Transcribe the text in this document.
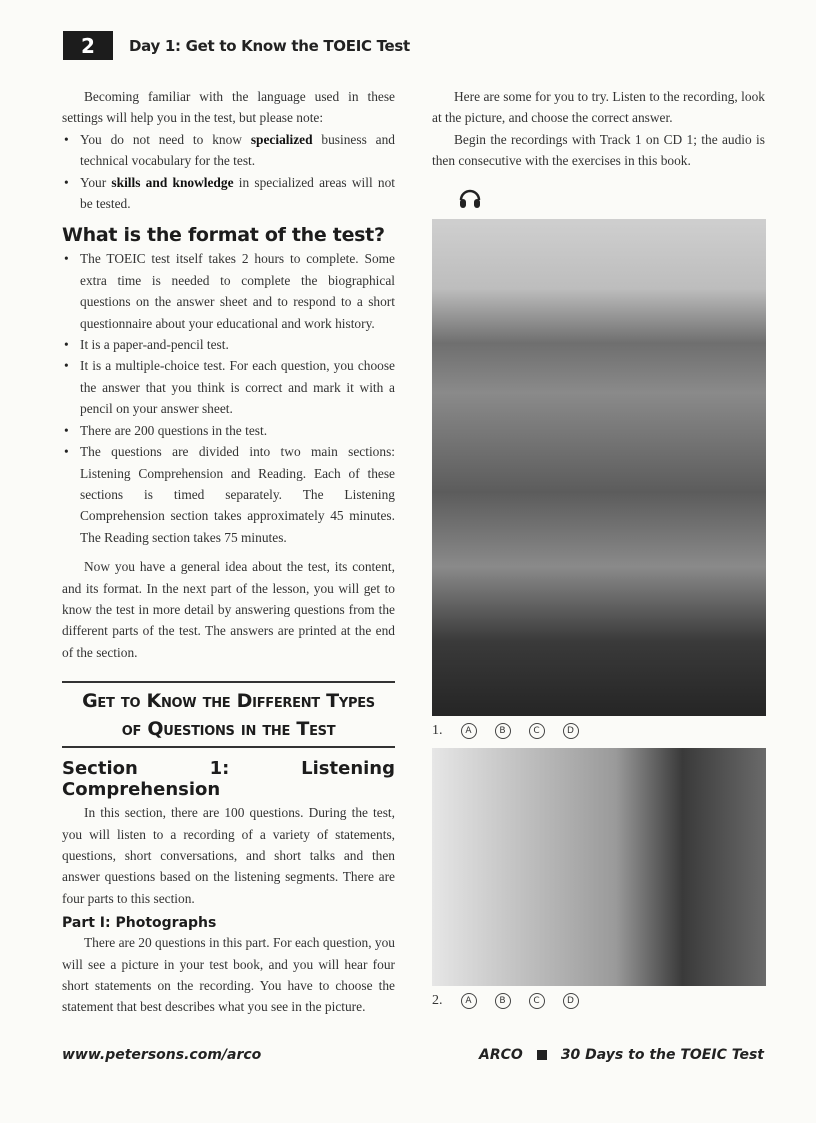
2	Day 1: Get to Know the TOEIC Test

Becoming familiar with the language used in these settings will help you in the test, but please note:

• You do not need to know specialized business and technical vocabulary for the test.
• Your skills and knowledge in specialized areas will not be tested.
What is the format of the test?
• The TOEIC test itself takes 2 hours to complete. Some extra time is needed to complete the biographical questions on the answer sheet and to respond to a short questionnaire about your educational and work history.
• It is a paper-and-pencil test.
• It is a multiple-choice test. For each question, you choose the answer that you think is correct and mark it with a pencil on your answer sheet.
• There are 200 questions in the test.
• The questions are divided into two main sections: Listening Comprehension and Reading. Each of these sections is timed separately. The Listening Comprehension section takes approximately 45 minutes. The Reading section takes 75 minutes.

Now you have a general idea about the test, its content, and its format. In the next part of the lesson, you will get to know the test in more detail by answering questions from the different parts of the test. The answers are printed at the end of the section.

Get to Know the Different Types
of Questions in the Test
Section 1: Listening Comprehension

In this section, there are 100 questions. During the test, you will listen to a recording of a variety of statements, questions, short conversations, and short talks and then answer questions based on the listening segments. There are four parts to this section.

Part I: Photographs

There are 20 questions in this part. For each question, you will see a picture in your test book, and you will hear four short statements on the recording. You have to choose the statement that best describes what you see in the picture.

Here are some for you to try. Listen to the recording, look at the picture, and choose the correct answer.

Begin the recordings with Track 1 on CD 1; the audio is then consecutive with the exercises in this book.

1.	A	B	C	D
2.	A	B	C	D
www.petersons.com/arco	ARCO	30 Days to the TOEIC Test
